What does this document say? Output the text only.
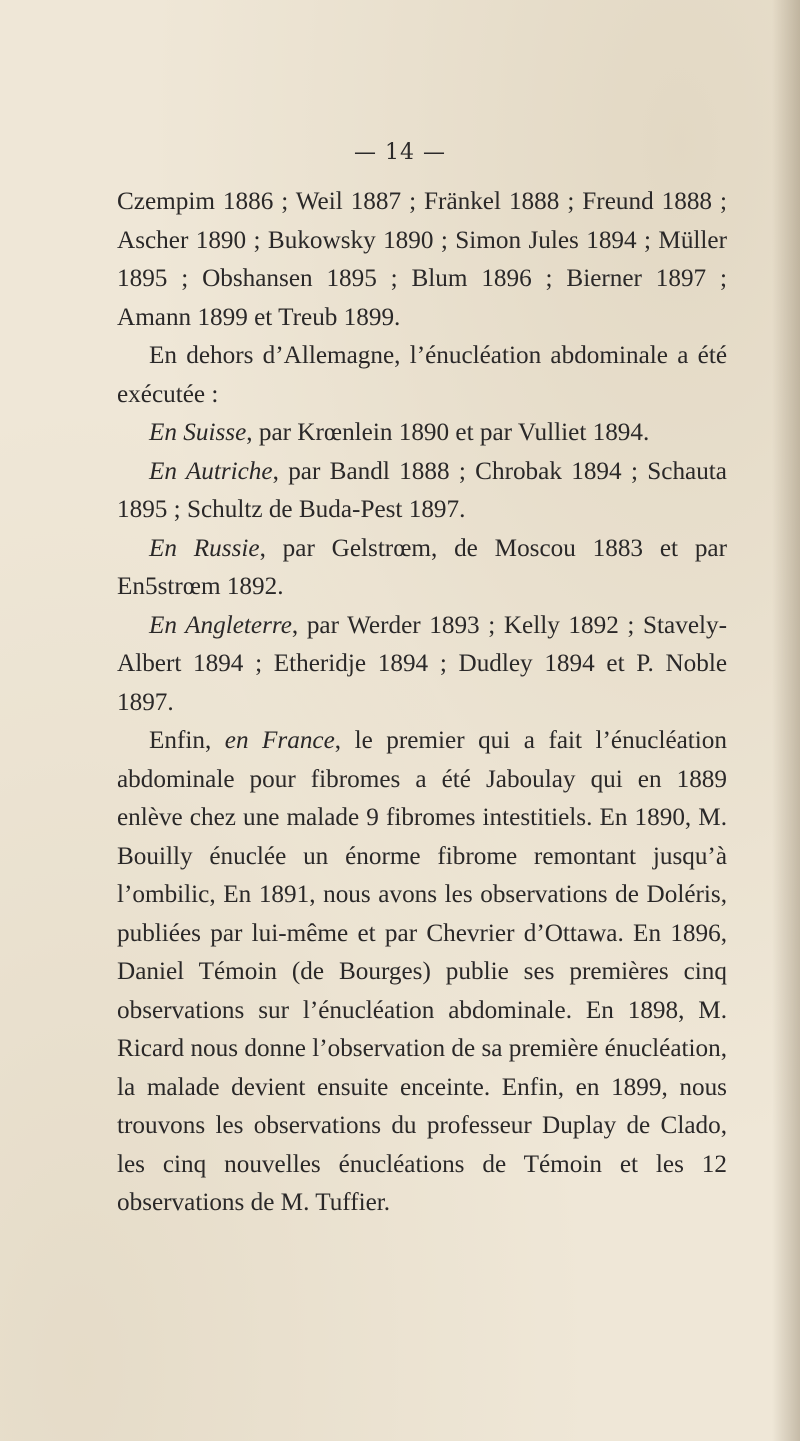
— 14 —

Czempim 1886 ; Weil 1887 ; Fränkel 1888 ; Freund 1888 ; Ascher 1890 ; Bukowsky 1890 ; Simon Jules 1894 ; Müller 1895 ; Obshansen 1895 ; Blum 1896 ; Bierner 1897 ; Amann 1899 et Treub 1899.

En dehors d’Allemagne, l’énucléation abdominale a été exécutée :

En Suisse, par Krœnlein 1890 et par Vulliet 1894.

En Autriche, par Bandl 1888 ; Chrobak 1894 ; Schauta 1895 ; Schultz de Buda-Pest 1897.

En Russie, par Gelstrœm, de Moscou 1883 et par En5strœm 1892.

En Angleterre, par Werder 1893 ; Kelly 1892 ; Stavely-Albert 1894 ; Etheridje 1894 ; Dudley 1894 et P. Noble 1897.

Enfin, en France, le premier qui a fait l’énucléation abdominale pour fibromes a été Jaboulay qui en 1889 enlève chez une malade 9 fibromes intestitiels. En 1890, M. Bouilly énuclée un énorme fibrome remontant jusqu’à l’ombilic, En 1891, nous avons les observations de Doléris, publiées par lui-même et par Chevrier d’Ottawa. En 1896, Daniel Témoin (de Bourges) publie ses premières cinq observations sur l’énucléation abdominale. En 1898, M. Ricard nous donne l’observation de sa première énucléation, la malade devient ensuite enceinte. Enfin, en 1899, nous trouvons les observations du professeur Duplay de Clado, les cinq nouvelles énucléations de Témoin et les 12 observations de M. Tuffier.
